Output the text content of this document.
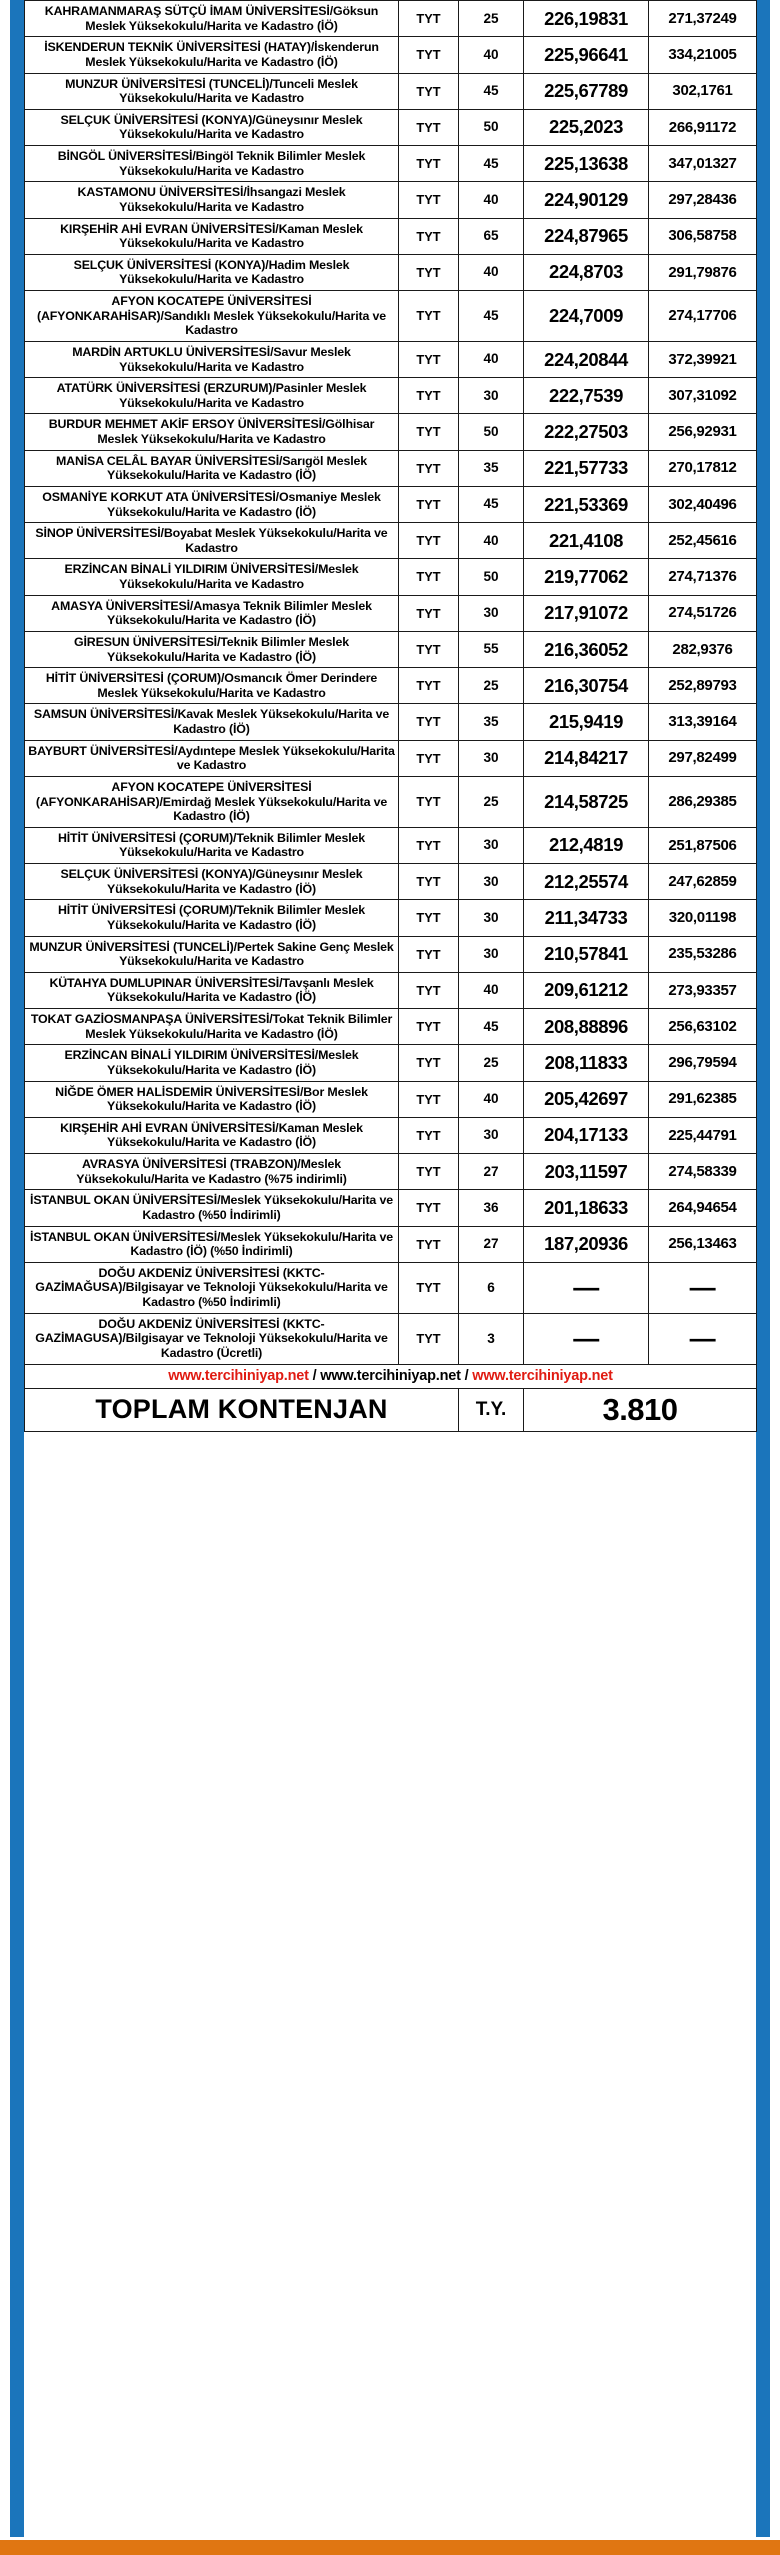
KAHRAMANMARAŞ SÜTÇÜ İMAM ÜNİVERSİTESİ/Göksun Meslek Yüksekokulu/Harita ve Kadastro (İÖ)	TYT	25	226,19831	271,37249
İSKENDERUN TEKNİK ÜNİVERSİTESİ (HATAY)/İskenderun Meslek Yüksekokulu/Harita ve Kadastro (İÖ)	TYT	40	225,96641	334,21005
MUNZUR ÜNİVERSİTESİ (TUNCELİ)/Tunceli Meslek Yüksekokulu/Harita ve Kadastro	TYT	45	225,67789	302,1761
SELÇUK ÜNİVERSİTESİ (KONYA)/Güneysınır Meslek Yüksekokulu/Harita ve Kadastro	TYT	50	225,2023	266,91172
BİNGÖL ÜNİVERSİTESİ/Bingöl Teknik Bilimler Meslek Yüksekokulu/Harita ve Kadastro	TYT	45	225,13638	347,01327
KASTAMONU ÜNİVERSİTESİ/İhsangazi Meslek Yüksekokulu/Harita ve Kadastro	TYT	40	224,90129	297,28436
KIRŞEHİR AHİ EVRAN ÜNİVERSİTESİ/Kaman Meslek Yüksekokulu/Harita ve Kadastro	TYT	65	224,87965	306,58758
SELÇUK ÜNİVERSİTESİ (KONYA)/Hadim Meslek Yüksekokulu/Harita ve Kadastro	TYT	40	224,8703	291,79876
AFYON KOCATEPE ÜNİVERSİTESİ (AFYONKARAHİSAR)/Sandıklı Meslek Yüksekokulu/Harita ve Kadastro	TYT	45	224,7009	274,17706
MARDİN ARTUKLU ÜNİVERSİTESİ/Savur Meslek Yüksekokulu/Harita ve Kadastro	TYT	40	224,20844	372,39921
ATATÜRK ÜNİVERSİTESİ (ERZURUM)/Pasinler Meslek Yüksekokulu/Harita ve Kadastro	TYT	30	222,7539	307,31092
BURDUR MEHMET AKİF ERSOY ÜNİVERSİTESİ/Gölhisar Meslek Yüksekokulu/Harita ve Kadastro	TYT	50	222,27503	256,92931
MANİSA CELÂL BAYAR ÜNİVERSİTESİ/Sarıgöl Meslek Yüksekokulu/Harita ve Kadastro (İÖ)	TYT	35	221,57733	270,17812
OSMANİYE KORKUT ATA ÜNİVERSİTESİ/Osmaniye Meslek Yüksekokulu/Harita ve Kadastro (İÖ)	TYT	45	221,53369	302,40496
SİNOP ÜNİVERSİTESİ/Boyabat Meslek Yüksekokulu/Harita ve Kadastro	TYT	40	221,4108	252,45616
ERZİNCAN BİNALİ YILDIRIM ÜNİVERSİTESİ/Meslek Yüksekokulu/Harita ve Kadastro	TYT	50	219,77062	274,71376
AMASYA ÜNİVERSİTESİ/Amasya Teknik Bilimler Meslek Yüksekokulu/Harita ve Kadastro (İÖ)	TYT	30	217,91072	274,51726
GİRESUN ÜNİVERSİTESİ/Teknik Bilimler Meslek Yüksekokulu/Harita ve Kadastro (İÖ)	TYT	55	216,36052	282,9376
HİTİT ÜNİVERSİTESİ (ÇORUM)/Osmancık Ömer Derindere Meslek Yüksekokulu/Harita ve Kadastro	TYT	25	216,30754	252,89793
SAMSUN ÜNİVERSİTESİ/Kavak Meslek Yüksekokulu/Harita ve Kadastro (İÖ)	TYT	35	215,9419	313,39164
BAYBURT ÜNİVERSİTESİ/Aydıntepe Meslek Yüksekokulu/Harita ve Kadastro	TYT	30	214,84217	297,82499
AFYON KOCATEPE ÜNİVERSİTESİ (AFYONKARAHİSAR)/Emirdağ Meslek Yüksekokulu/Harita ve Kadastro (İÖ)	TYT	25	214,58725	286,29385
HİTİT ÜNİVERSİTESİ (ÇORUM)/Teknik Bilimler Meslek Yüksekokulu/Harita ve Kadastro	TYT	30	212,4819	251,87506
SELÇUK ÜNİVERSİTESİ (KONYA)/Güneysınır Meslek Yüksekokulu/Harita ve Kadastro (İÖ)	TYT	30	212,25574	247,62859
HİTİT ÜNİVERSİTESİ (ÇORUM)/Teknik Bilimler Meslek Yüksekokulu/Harita ve Kadastro (İÖ)	TYT	30	211,34733	320,01198
MUNZUR ÜNİVERSİTESİ (TUNCELİ)/Pertek Sakine Genç Meslek Yüksekokulu/Harita ve Kadastro	TYT	30	210,57841	235,53286
KÜTAHYA DUMLUPINAR ÜNİVERSİTESİ/Tavşanlı Meslek Yüksekokulu/Harita ve Kadastro (İÖ)	TYT	40	209,61212	273,93357
TOKAT GAZİOSMANPAŞA ÜNİVERSİTESİ/Tokat Teknik Bilimler Meslek Yüksekokulu/Harita ve Kadastro (İÖ)	TYT	45	208,88896	256,63102
ERZİNCAN BİNALİ YILDIRIM ÜNİVERSİTESİ/Meslek Yüksekokulu/Harita ve Kadastro (İÖ)	TYT	25	208,11833	296,79594
NİĞDE ÖMER HALİSDEMİR ÜNİVERSİTESİ/Bor Meslek Yüksekokulu/Harita ve Kadastro (İÖ)	TYT	40	205,42697	291,62385
KIRŞEHİR AHİ EVRAN ÜNİVERSİTESİ/Kaman Meslek Yüksekokulu/Harita ve Kadastro (İÖ)	TYT	30	204,17133	225,44791
AVRASYA ÜNİVERSİTESİ (TRABZON)/Meslek Yüksekokulu/Harita ve Kadastro (%75 indirimli)	TYT	27	203,11597	274,58339
İSTANBUL OKAN ÜNİVERSİTESİ/Meslek Yüksekokulu/Harita ve Kadastro (%50 İndirimli)	TYT	36	201,18633	264,94654
İSTANBUL OKAN ÜNİVERSİTESİ/Meslek Yüksekokulu/Harita ve Kadastro (İÖ) (%50 İndirimli)	TYT	27	187,20936	256,13463
DOĞU AKDENİZ ÜNİVERSİTESİ (KKTC-GAZİMAĞUSA)/Bilgisayar ve Teknoloji Yüksekokulu/Harita ve Kadastro (%50 İndirimli)	TYT	6	—	—
DOĞU AKDENİZ ÜNİVERSİTESİ (KKTC-GAZİMAGUSA)/Bilgisayar ve Teknoloji Yüksekokulu/Harita ve Kadastro (Ücretli)	TYT	3	—	—
www.tercihiniyap.net / www.tercihiniyap.net / www.tercihiniyap.net				
TOPLAM KONTENJAN		T.Y.	3.810	
